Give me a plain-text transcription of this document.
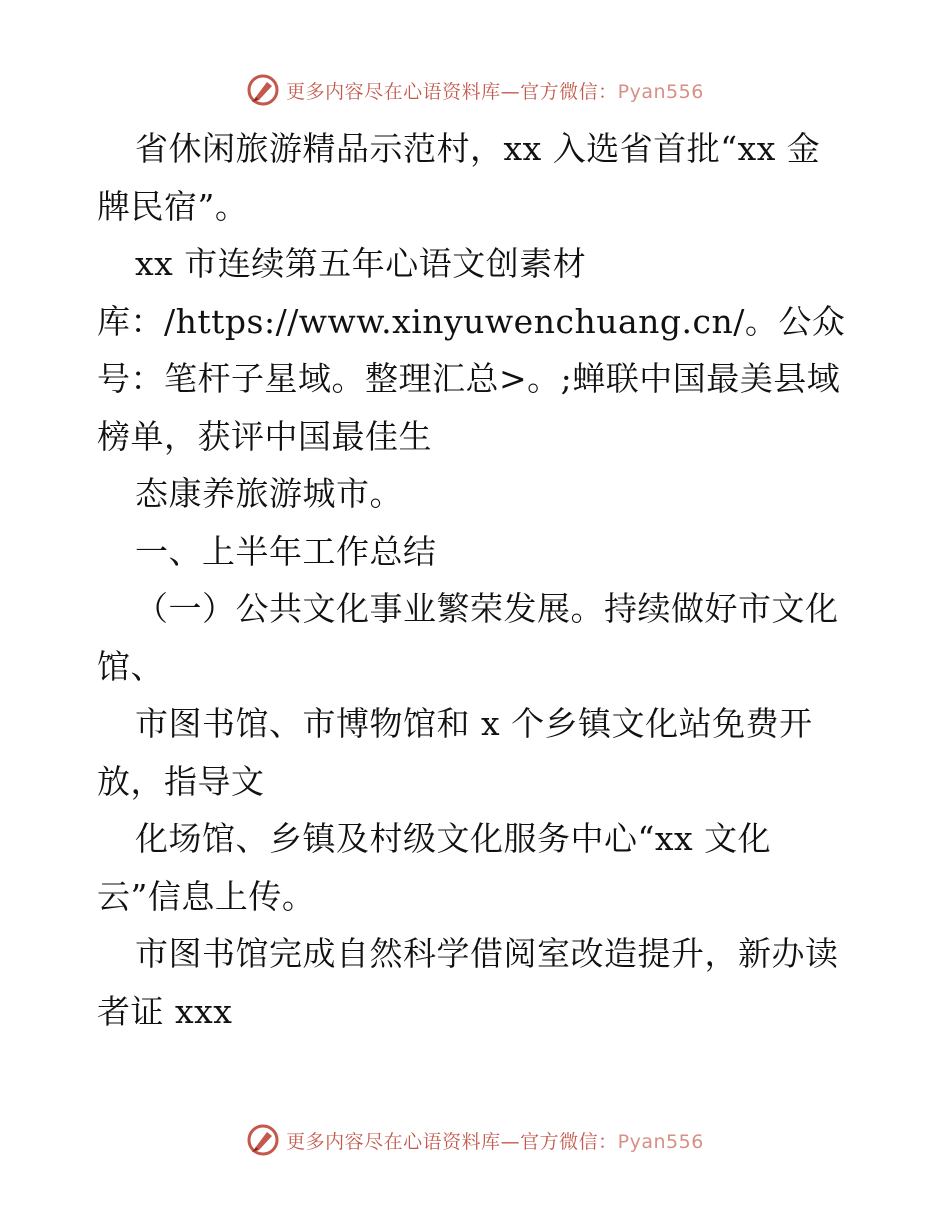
更多内容尽在心语资料库—官方微信：Pyan556
省休闲旅游精品示范村，xx 入选省首批“xx 金
牌民宿”。
xx 市连续第五年心语文创素材
库：/https://www.xinyuwenchuang.cn/。公众
号：笔杆子星域。整理汇总>。;蝉联中国最美县域
榜单，获评中国最佳生
态康养旅游城市。
一、上半年工作总结
（一）公共文化事业繁荣发展。持续做好市文化
馆、
市图书馆、市博物馆和 x 个乡镇文化站免费开
放，指导文
化场馆、乡镇及村级文化服务中心“xx 文化
云”信息上传。
市图书馆完成自然科学借阅室改造提升，新办读
者证 xxx
更多内容尽在心语资料库—官方微信：Pyan556
